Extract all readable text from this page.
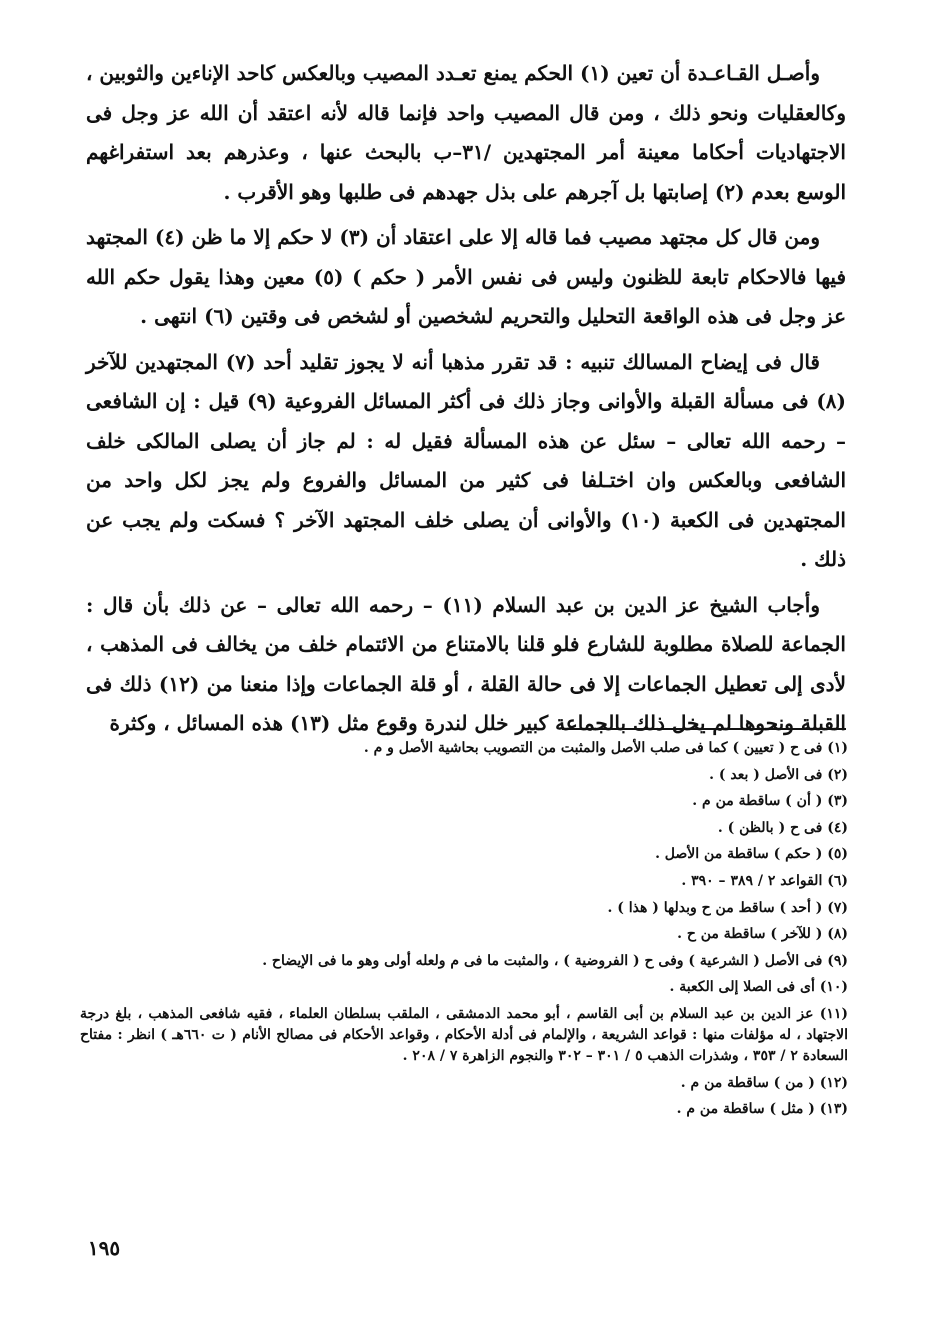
وأصـل القـاعـدة أن تعين (١) الحكم يمنع تعـدد المصيب وبالعكس كاحد الإناءين والثوبين ، وكالعقليات ونحو ذلك ، ومن قال المصيب واحد فإنما قاله لأنه اعتقد أن الله عز وجل فى الاجتهاديات أحكاما معينة أمر المجتهدين /٣١–ب بالبحث عنها ، وعذرهم بعد استفراغهم الوسع بعدم (٢) إصابتها بل آجرهم على بذل جهدهم فى طلبها وهو الأقرب .

ومن قال كل مجتهد مصيب فما قاله إلا على اعتقاد أن (٣) لا حكم إلا ما ظن (٤) المجتهد فيها فالاحكام تابعة للظنون وليس فى نفس الأمر ( حكم ) (٥) معين وهذا يقول حكم الله عز وجل فى هذه الواقعة التحليل والتحريم لشخصين أو لشخص فى وقتين (٦) انتهى .

قال فى إيضاح المسالك تنبيه : قد تقرر مذهبا أنه لا يجوز تقليد أحد (٧) المجتهدين للآخر (٨) فى مسألة القبلة والأوانى وجاز ذلك فى أكثر المسائل الفروعية (٩) قيل : إن الشافعى – رحمه الله تعالى – سئل عن هذه المسألة فقيل له : لم جاز أن يصلى المالكى خلف الشافعى وبالعكس وان اختـلفا فى كثير من المسائل والفروع ولم يجز لكل واحد من المجتهدين فى الكعبة (١٠) والأوانى أن يصلى خلف المجتهد الآخر ؟ فسكت ولم يجب عن ذلك .

وأجاب الشيخ عز الدين بن عبد السلام (١١) – رحمه الله تعالى – عن ذلك بأن قال : الجماعة للصلاة مطلوبة للشارع فلو قلنا بالامتناع من الائتمام خلف من يخالف فى المذهب ، لأدى إلى تعطيل الجماعات إلا فى حالة القلة ، أو قلة الجماعات وإذا منعنا من (١٢) ذلك فى القبلة ونحوها لم يخل ذلك بالجماعة كبير خلل لندرة وقوع مثل (١٣) هذه المسائل ، وكثرة

(١) فى ح ( تعيين ) كما فى صلب الأصل والمثبت من التصويب بحاشية الأصل و م .
(٢) فى الأصل ( بعد ) .
(٣) ( أن ) ساقطة من م .
(٤) فى ح ( بالظن ) .
(٥) ( حكم ) ساقطة من الأصل .
(٦) القواعد ٢ / ٣٨٩ – ٣٩٠ .
(٧) ( أحد ) ساقط من ح وبدلها ( هذا ) .
(٨) ( للآخر ) ساقطة من ح .
(٩) فى الأصل ( الشرعية ) وفى ح ( الفروضية ) ، والمثبت ما فى م ولعله أولى وهو ما فى الإيضاح .
(١٠) أى فى الصلا إلى الكعبة .
(١١) عز الدين بن عبد السلام بن أبى القاسم ، أبو محمد الدمشقى ، الملقب بسلطان العلماء ، فقيه شافعى المذهب ، بلغ درجة الاجتهاد ، له مؤلفات منها : قواعد الشريعة ، والإلمام فى أدلة الأحكام ، وقواعد الأحكام فى مصالح الأنام ( ت ٦٦٠هـ ) انظر : مفتاح السعادة ٢ / ٣٥٣ ، وشذرات الذهب ٥ / ٣٠١ – ٣٠٢ والنجوم الزاهرة ٧ / ٢٠٨ .
(١٢) ( من ) ساقطة من م .
(١٣) ( مثل ) ساقطة من م .
١٩٥
